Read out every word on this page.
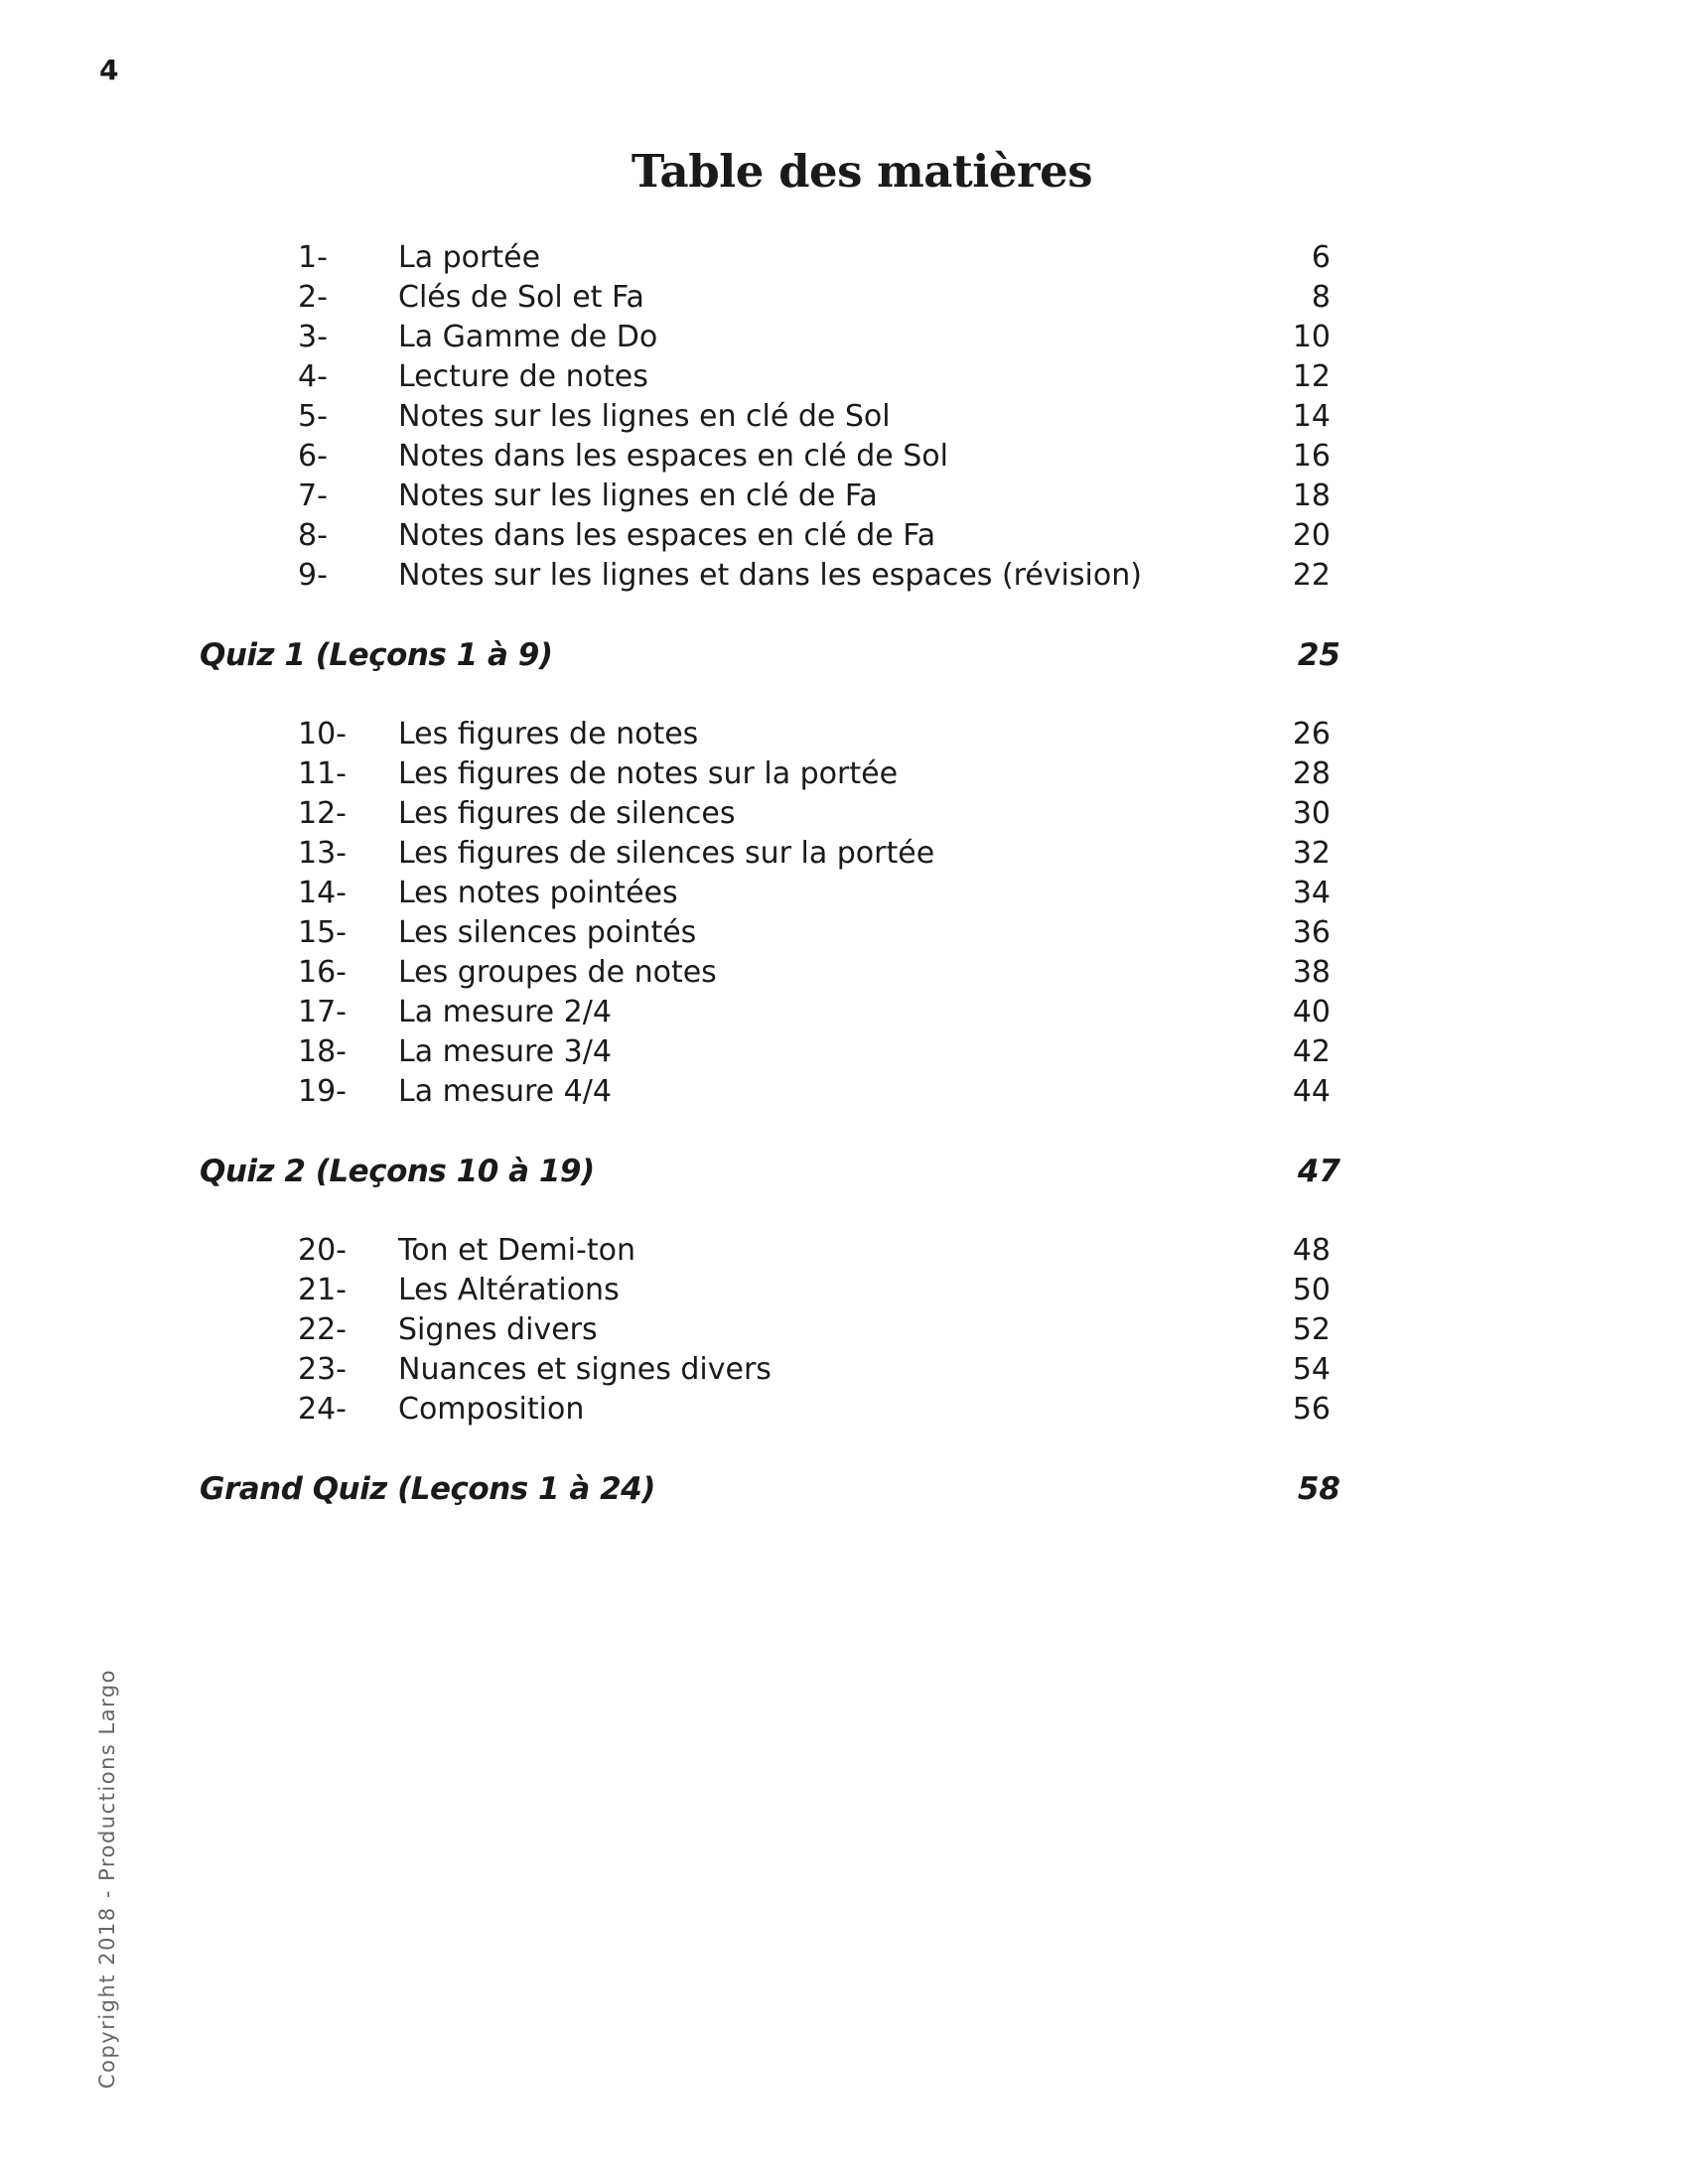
4
Table des matières
1-	La portée	6
2-	Clés de Sol et Fa	8
3-	La Gamme de Do	10
4-	Lecture de notes	12
5-	Notes sur les lignes en clé de Sol	14
6-	Notes dans les espaces en clé de Sol	16
7-	Notes sur les lignes en clé de Fa	18
8-	Notes dans les espaces en clé de Fa	20
9-	Notes sur les lignes et dans les espaces (révision)	22
Quiz 1 (Leçons 1 à 9)	25
10-	Les figures de notes	26
11-	Les figures de notes sur la portée	28
12-	Les figures de silences	30
13-	Les figures de silences sur la portée	32
14-	Les notes pointées	34
15-	Les silences pointés	36
16-	Les groupes de notes	38
17-	La mesure 2/4	40
18-	La mesure 3/4	42
19-	La mesure 4/4	44
Quiz 2 (Leçons 10 à 19)	47
20-	Ton et Demi-ton	48
21-	Les Altérations	50
22-	Signes divers	52
23-	Nuances et signes divers	54
24-	Composition	56
Grand Quiz (Leçons 1 à 24)	58
Copyright 2018 - Productions Largo
